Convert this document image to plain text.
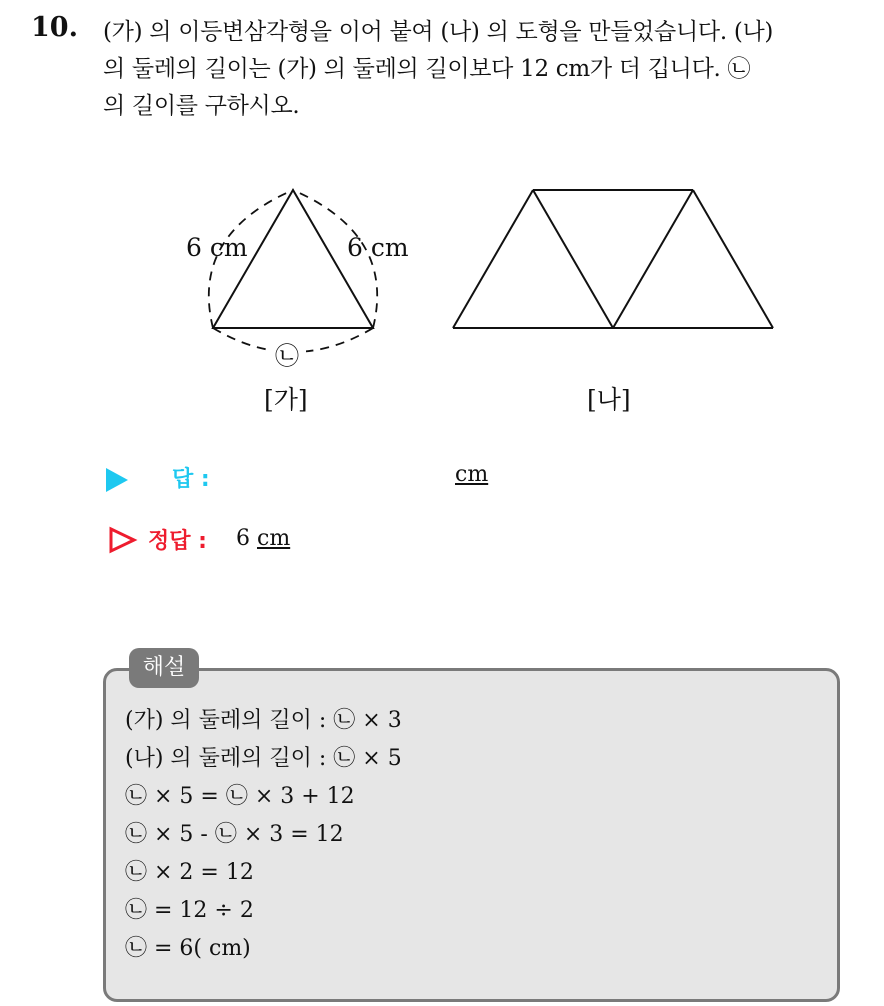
10. (가) 의 이등변삼각형을 이어 붙여 (나) 의 도형을 만들었습니다. (나)
의 둘레의 길이는 (가) 의 둘레의 길이보다 12 cm가 더 깁니다. ㉡
의 길이를 구하시오.
6 cm	6 cm
㉡
[가]	[나]
답 :	cm
정답 : 6 cm
해설
(가) 의 둘레의 길이 : ㉡ × 3
(나) 의 둘레의 길이 : ㉡ × 5
㉡ × 5 = ㉡ × 3 + 12
㉡ × 5 - ㉡ × 3 = 12
㉡ × 2 = 12
㉡ = 12 ÷ 2
㉡ = 6( cm)
